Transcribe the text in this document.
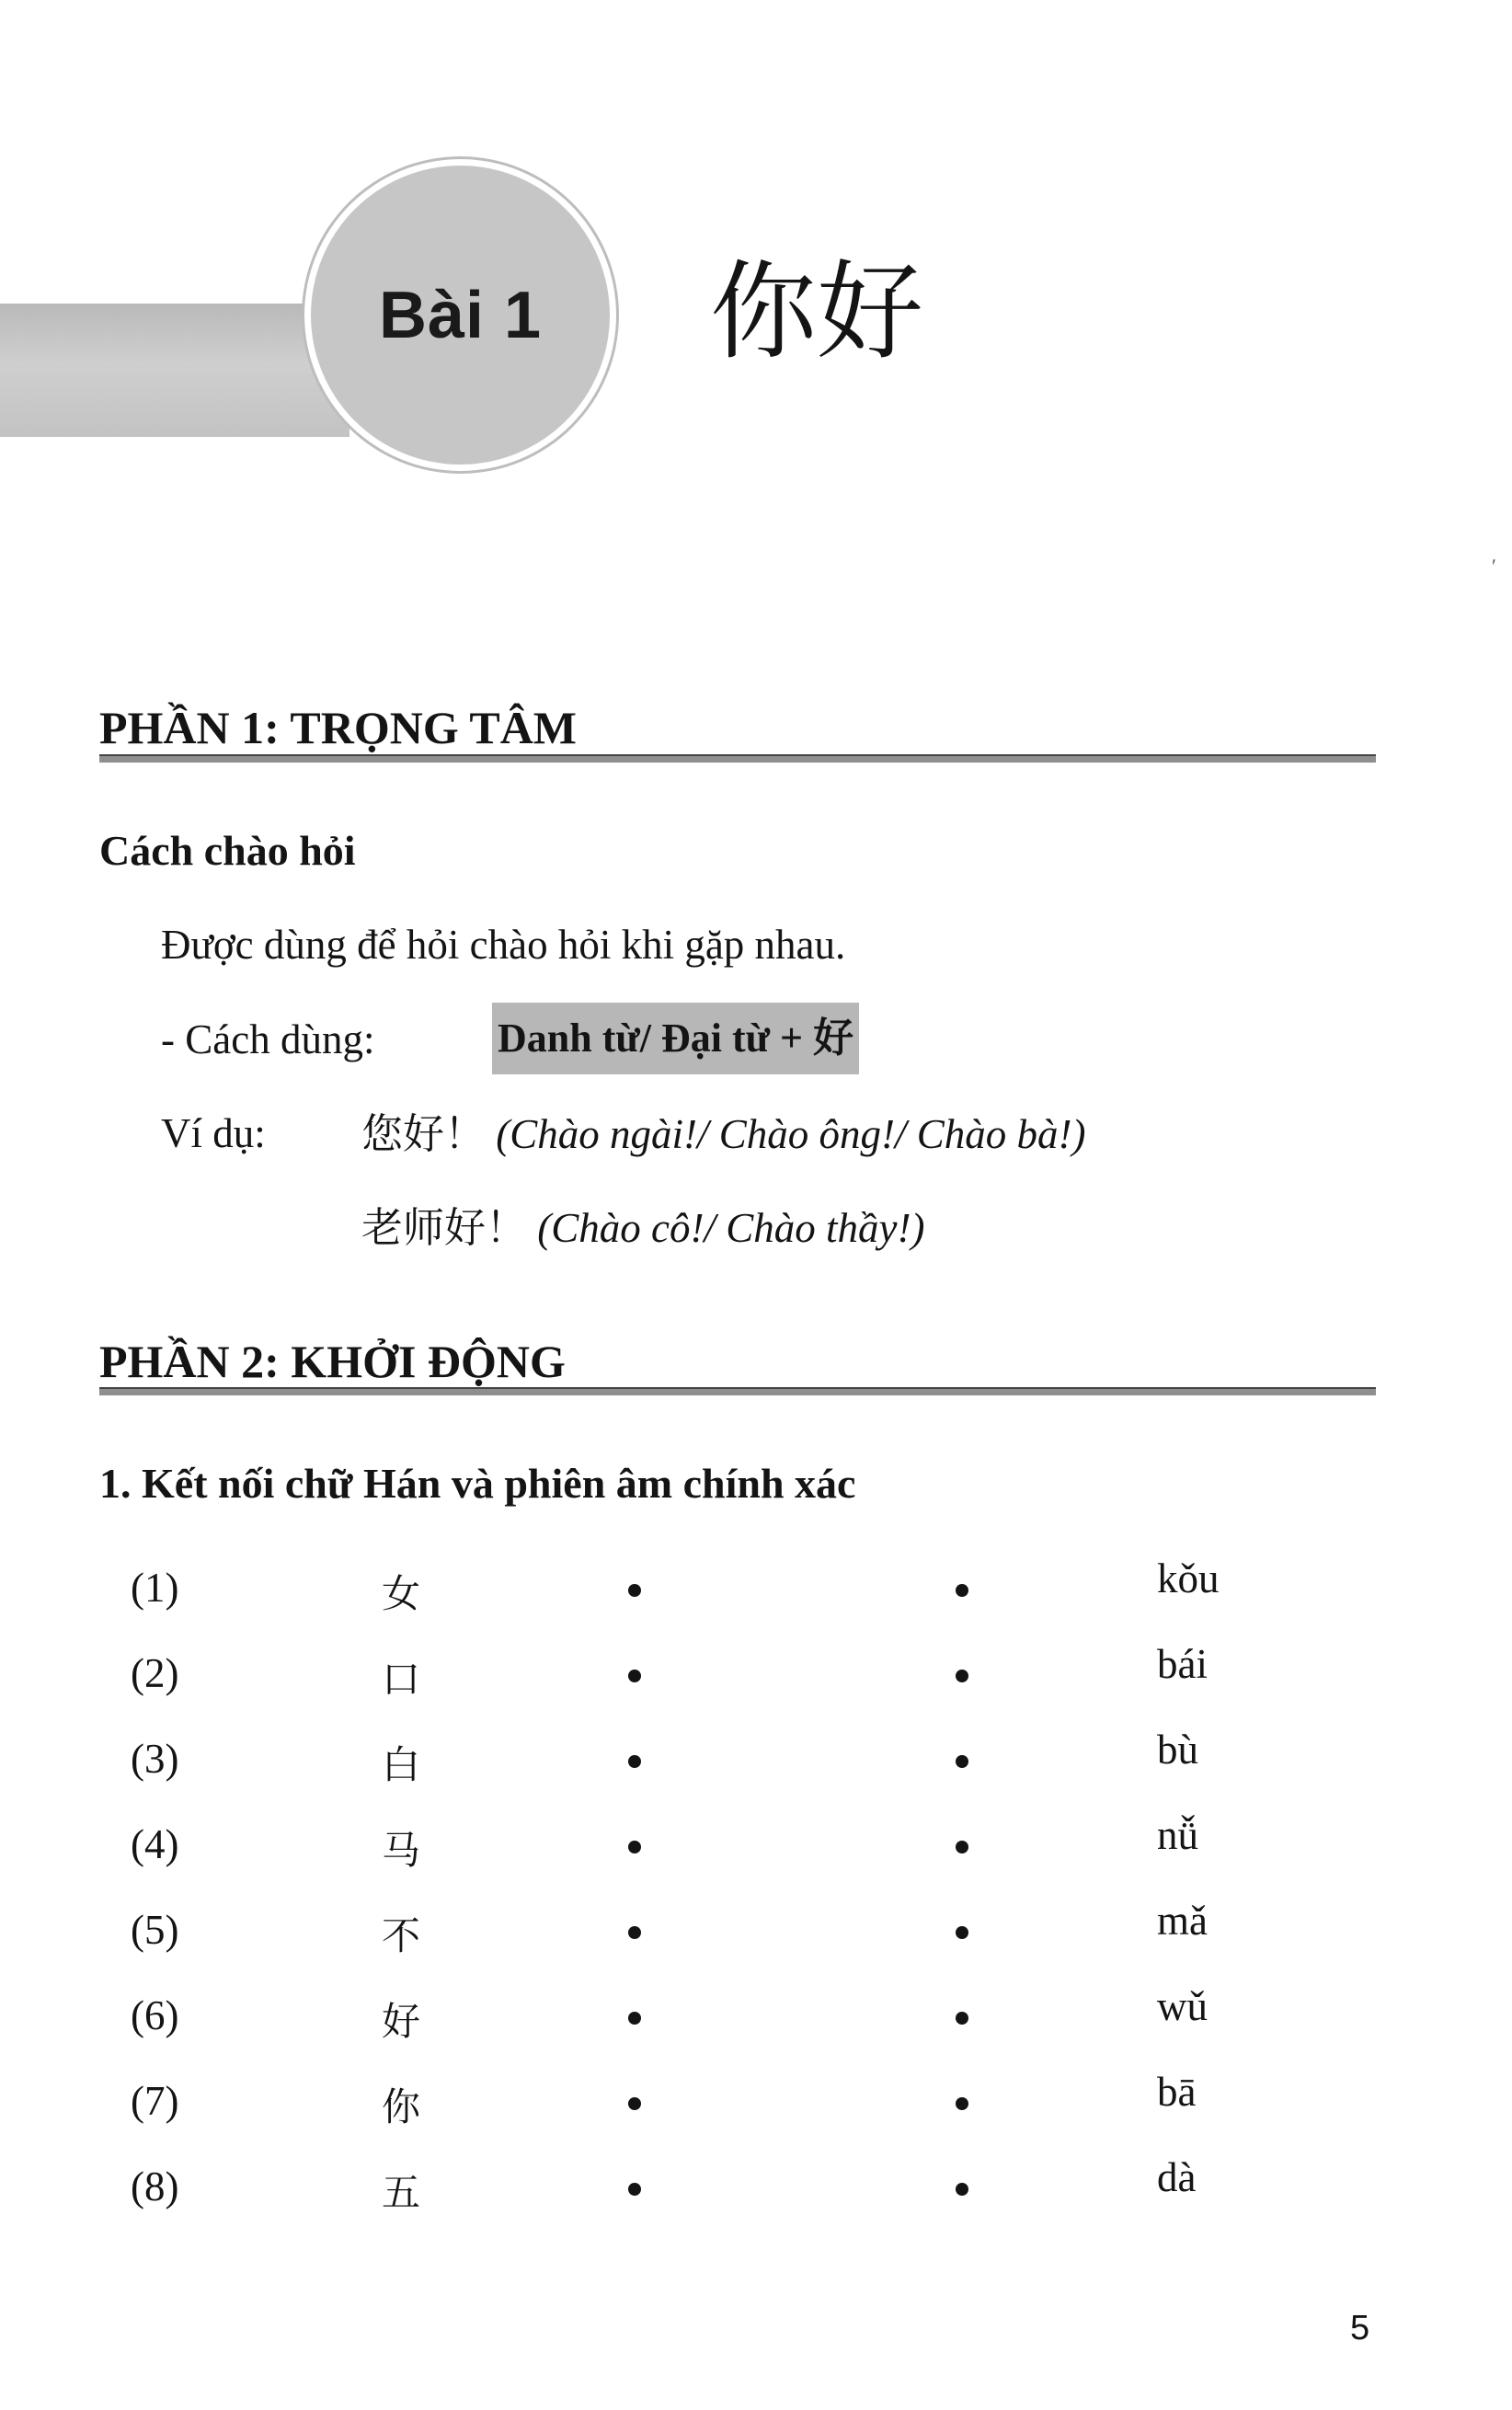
Bài 1 你好
ʹ
PHẦN 1: TRỌNG TÂM
Cách chào hỏi
Được dùng để hỏi chào hỏi khi gặp nhau.
- Cách dùng:	Danh từ/ Đại từ + 好
Ví dụ: 您好！ (Chào ngài!/ Chào ông!/ Chào bà!)
老师好！ (Chào cô!/ Chào thầy!)
PHẦN 2: KHỞI ĐỘNG
1. Kết nối chữ Hán và phiên âm chính xác
(1)	女	kǒu
(2)	口	bái
(3)	白	bù
(4)	马	nǚ
(5)	不	mǎ
(6)	好	wǔ
(7)	你	bā
(8)	五	dà
5
